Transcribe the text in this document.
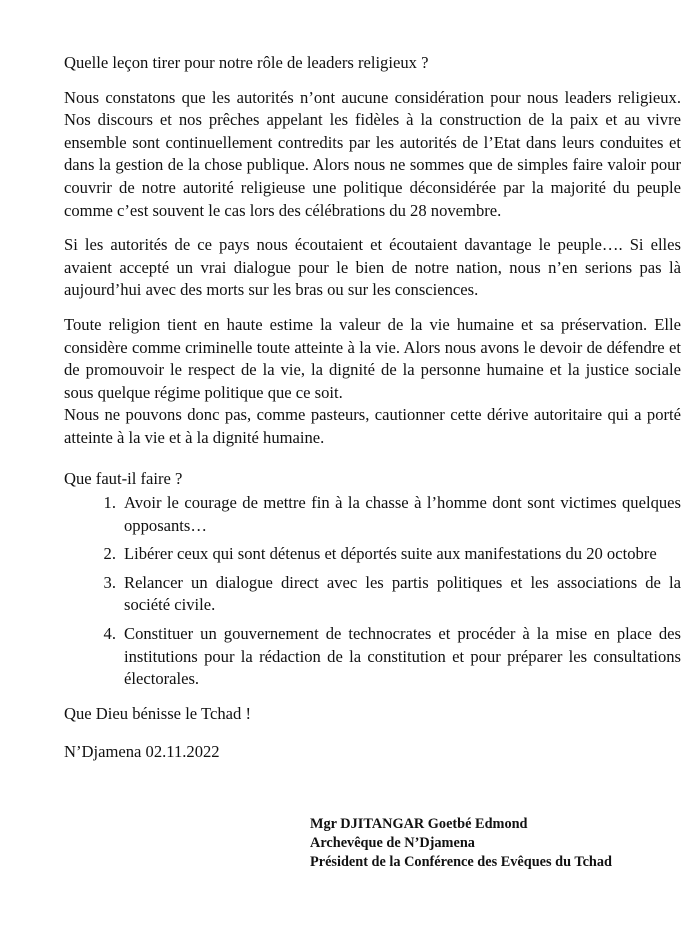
Quelle leçon tirer pour notre rôle de leaders religieux ?

Nous constatons que les autorités n’ont aucune considération pour nous leaders religieux. Nos discours et nos prêches appelant les fidèles à la construction de la paix et au vivre ensemble sont continuellement contredits par les autorités de l’Etat dans leurs conduites et dans la gestion de la chose publique. Alors nous ne sommes que de simples faire valoir pour couvrir de notre autorité religieuse une politique déconsidérée par la majorité du peuple comme c’est souvent le cas lors des célébrations du 28 novembre.

Si les autorités de ce pays nous écoutaient et écoutaient davantage le peuple…. Si elles avaient accepté un vrai dialogue pour le bien de notre nation, nous n’en serions pas là aujourd’hui avec des morts sur les bras ou sur les consciences.

Toute religion tient en haute estime la valeur de la vie humaine et sa préservation. Elle considère comme criminelle toute atteinte à la vie. Alors nous avons le devoir de défendre et de promouvoir le respect de la vie, la dignité de la personne humaine et la justice sociale sous quelque régime politique que ce soit.

Nous ne pouvons donc pas, comme pasteurs, cautionner cette dérive autoritaire qui a porté atteinte à la vie et à la dignité humaine.

Que faut-il faire ?

1. Avoir le courage de mettre fin à la chasse à l’homme dont sont victimes quelques opposants…
2. Libérer ceux qui sont détenus et déportés suite aux manifestations du 20 octobre
3. Relancer un dialogue direct avec les partis politiques et les associations de la société civile.
4. Constituer un gouvernement de technocrates et procéder à la mise en place des institutions pour la rédaction de la constitution et pour préparer les consultations électorales.

Que Dieu bénisse le Tchad !

N’Djamena 02.11.2022

Mgr DJITANGAR Goetbé Edmond
Archevêque de N’Djamena
Président de la Conférence des Evêques du Tchad
